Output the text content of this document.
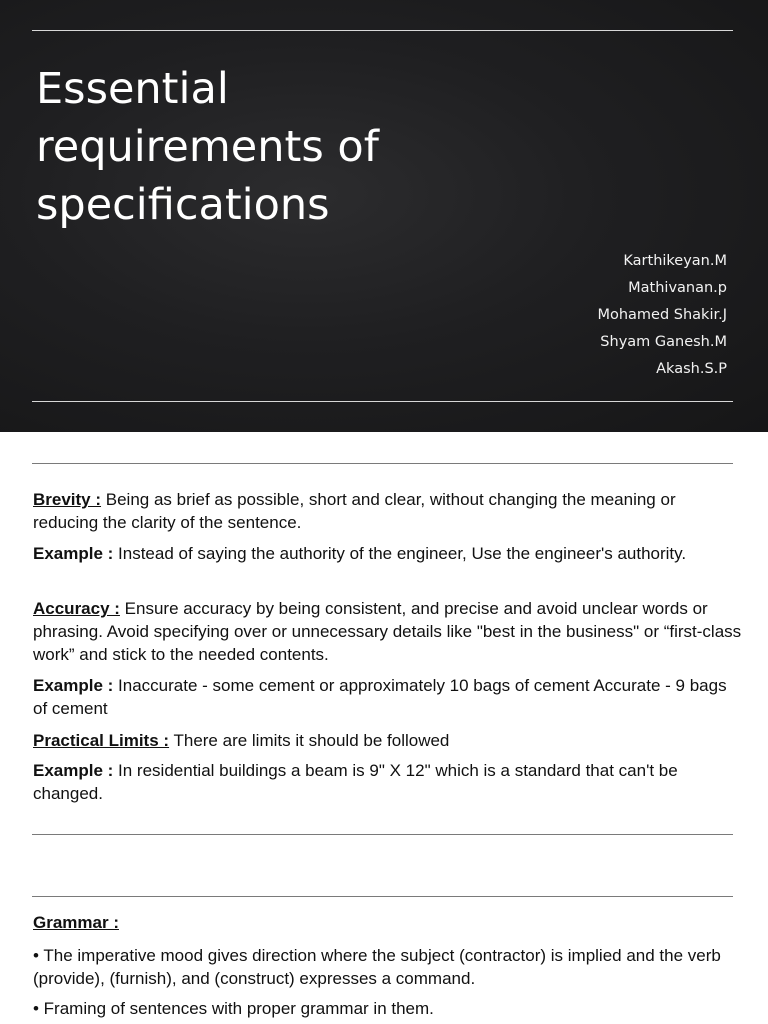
Essential
requirements of
specifications
Karthikeyan.M
Mathivanan.p
Mohamed Shakir.J
Shyam Ganesh.M
Akash.S.P

Brevity : Being as brief as possible, short and clear, without changing the meaning or reducing the clarity of the sentence.

Example : Instead of saying the authority of the engineer, Use the engineer's authority.

Accuracy : Ensure accuracy by being consistent, and precise and avoid unclear words or phrasing. Avoid specifying over or unnecessary details like "best in the business" or “first-class work” and stick to the needed contents.

Example : Inaccurate - some cement or approximately 10 bags of cement Accurate - 9 bags of cement

Practical Limits : There are limits it should be followed

Example : In residential buildings a beam is 9" X 12" which is a standard that can't be changed.

Grammar :

• The imperative mood gives direction where the subject (contractor) is implied and the verb (provide), (furnish), and (construct) expresses a command.

• Framing of sentences with proper grammar in them.
